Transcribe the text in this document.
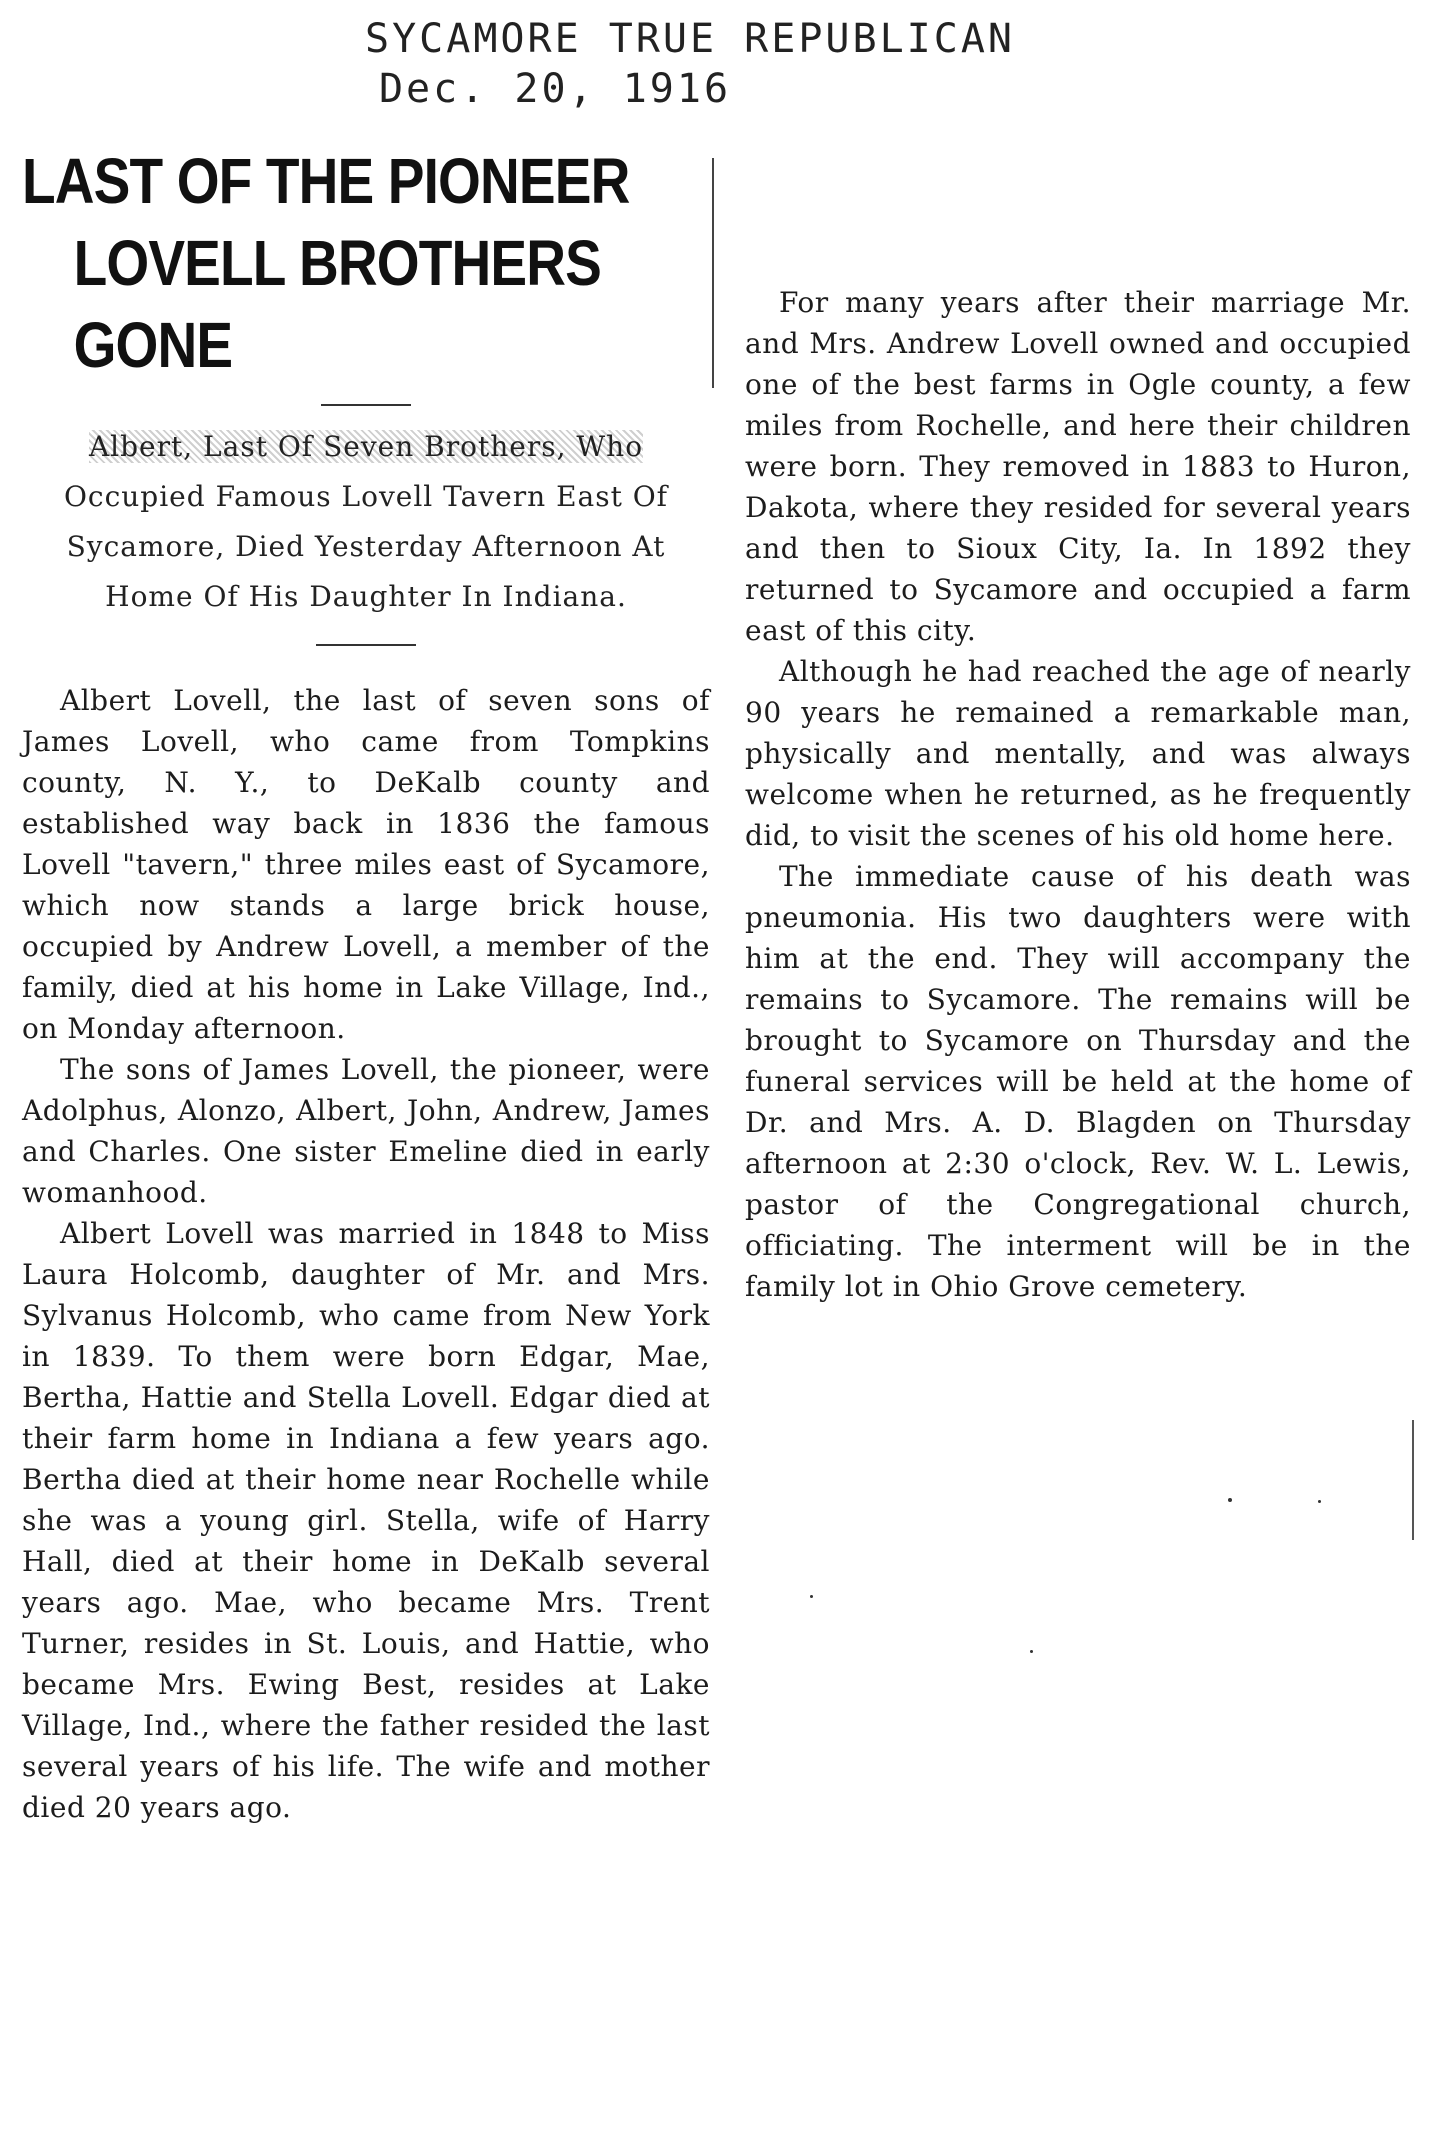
SYCAMORE TRUE REPUBLICAN
Dec. 20, 1916
LAST OF THE PIONEER
LOVELL BROTHERS GONE

Albert, Last Of Seven Brothers, Who Occupied Famous Lovell Tavern East Of Sycamore, Died Yesterday Afternoon At Home Of His Daughter In Indiana.

Albert Lovell, the last of seven sons of James Lovell, who came from Tompkins county, N. Y., to DeKalb county and established way back in 1836 the famous Lovell "tavern," three miles east of Sycamore, which now stands a large brick house, occupied by Andrew Lovell, a member of the family, died at his home in Lake Village, Ind., on Monday afternoon.

The sons of James Lovell, the pioneer, were Adolphus, Alonzo, Albert, John, Andrew, James and Charles. One sister Emeline died in early womanhood.

Albert Lovell was married in 1848 to Miss Laura Holcomb, daughter of Mr. and Mrs. Sylvanus Holcomb, who came from New York in 1839. To them were born Edgar, Mae, Bertha, Hattie and Stella Lovell. Edgar died at their farm home in Indiana a few years ago. Bertha died at their home near Rochelle while she was a young girl. Stella, wife of Harry Hall, died at their home in DeKalb several years ago. Mae, who became Mrs. Trent Turner, resides in St. Louis, and Hattie, who became Mrs. Ewing Best, resides at Lake Village, Ind., where the father resided the last several years of his life. The wife and mother died 20 years ago.

For many years after their marriage Mr. and Mrs. Andrew Lovell owned and occupied one of the best farms in Ogle county, a few miles from Rochelle, and here their children were born. They removed in 1883 to Huron, Dakota, where they resided for several years and then to Sioux City, Ia. In 1892 they returned to Sycamore and occupied a farm east of this city.

Although he had reached the age of nearly 90 years he remained a remarkable man, physically and mentally, and was always welcome when he returned, as he frequently did, to visit the scenes of his old home here.

The immediate cause of his death was pneumonia. His two daughters were with him at the end. They will accompany the remains to Sycamore. The remains will be brought to Sycamore on Thursday and the funeral services will be held at the home of Dr. and Mrs. A. D. Blagden on Thursday afternoon at 2:30 o'clock, Rev. W. L. Lewis, pastor of the Congregational church, officiating. The interment will be in the family lot in Ohio Grove cemetery.
